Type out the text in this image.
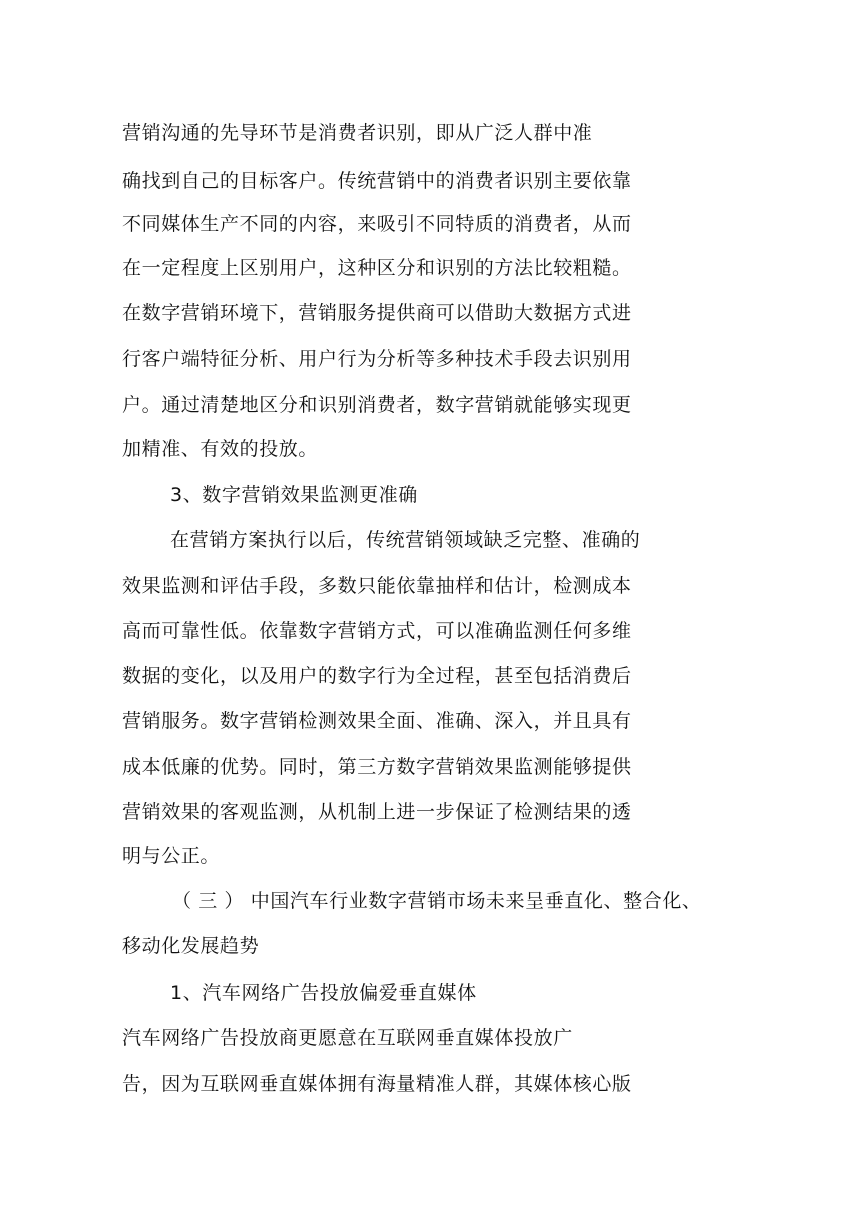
营销沟通的先导环节是消费者识别，即从广泛人群中准
确找到自己的目标客户。传统营销中的消费者识别主要依靠
不同媒体生产不同的内容，来吸引不同特质的消费者，从而
在一定程度上区别用户，这种区分和识别的方法比较粗糙。
在数字营销环境下，营销服务提供商可以借助大数据方式进
行客户端特征分析、用户行为分析等多种技术手段去识别用
户。通过清楚地区分和识别消费者，数字营销就能够实现更
加精准、有效的投放。
3、数字营销效果监测更准确
在营销方案执行以后，传统营销领域缺乏完整、准确的
效果监测和评估手段，多数只能依靠抽样和估计，检测成本
高而可靠性低。依靠数字营销方式，可以准确监测任何多维
数据的变化，以及用户的数字行为全过程，甚至包括消费后
营销服务。数字营销检测效果全面、准确、深入，并且具有
成本低廉的优势。同时，第三方数字营销效果监测能够提供
营销效果的客观监测，从机制上进一步保证了检测结果的透
明与公正。
（ 三 ） 中国汽车行业数字营销市场未来呈垂直化、整合化、
移动化发展趋势
1、汽车网络广告投放偏爱垂直媒体
汽车网络广告投放商更愿意在互联网垂直媒体投放广
告，因为互联网垂直媒体拥有海量精准人群，其媒体核心版
